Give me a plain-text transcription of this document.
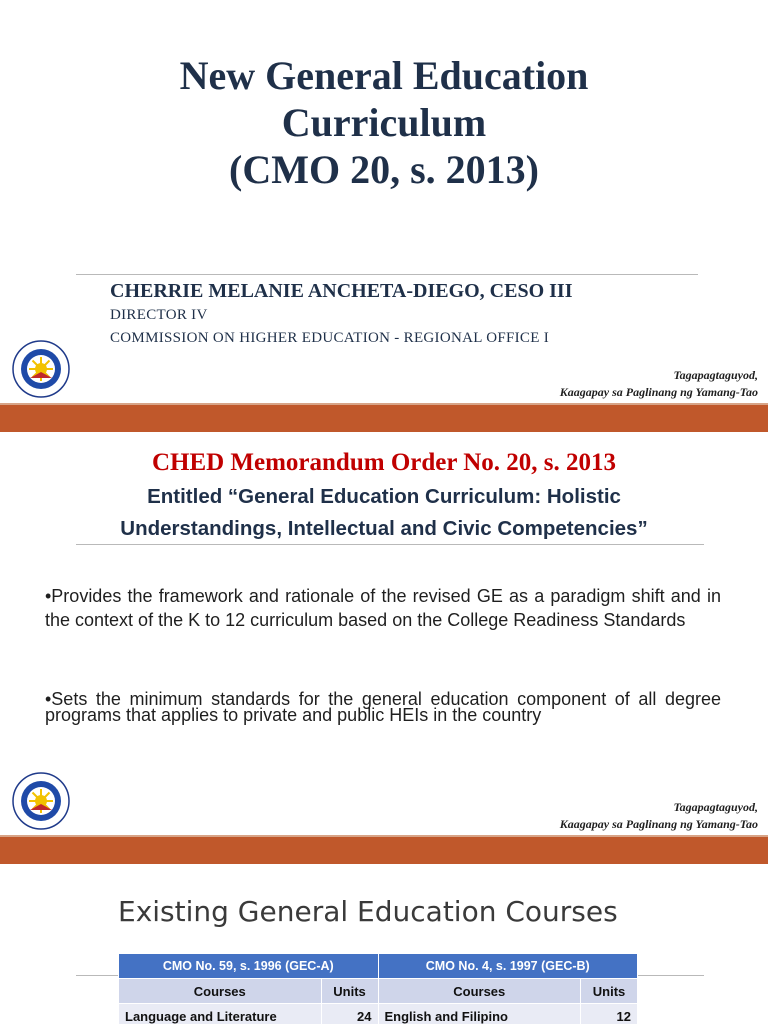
New General Education
Curriculum
(CMO 20, s. 2013)
CHERRIE MELANIE ANCHETA-DIEGO, CESO III
DIRECTOR IV
COMMISSION ON HIGHER EDUCATION - REGIONAL OFFICE I
Tagapagtaguyod,
Kaagapay sa Paglinang ng Yamang-Tao
CHED Memorandum Order No. 20, s. 2013
Entitled “General Education Curriculum: Holistic
Understandings, Intellectual and Civic Competencies”
•Provides the framework and rationale of the revised GE as a paradigm shift and in the context of the K to 12 curriculum based on the College Readiness Standards
•Sets the minimum standards for the general education component of all degree programs that applies to private and public HEIs in the country
Tagapagtaguyod,
Kaagapay sa Paglinang ng Yamang-Tao
Existing General Education Courses
CMO No. 59, s. 1996 (GEC-A)		CMO No. 4, s. 1997 (GEC-B)	
Courses	Units	Courses	Units
Language and Literature	24	English and Filipino	12
